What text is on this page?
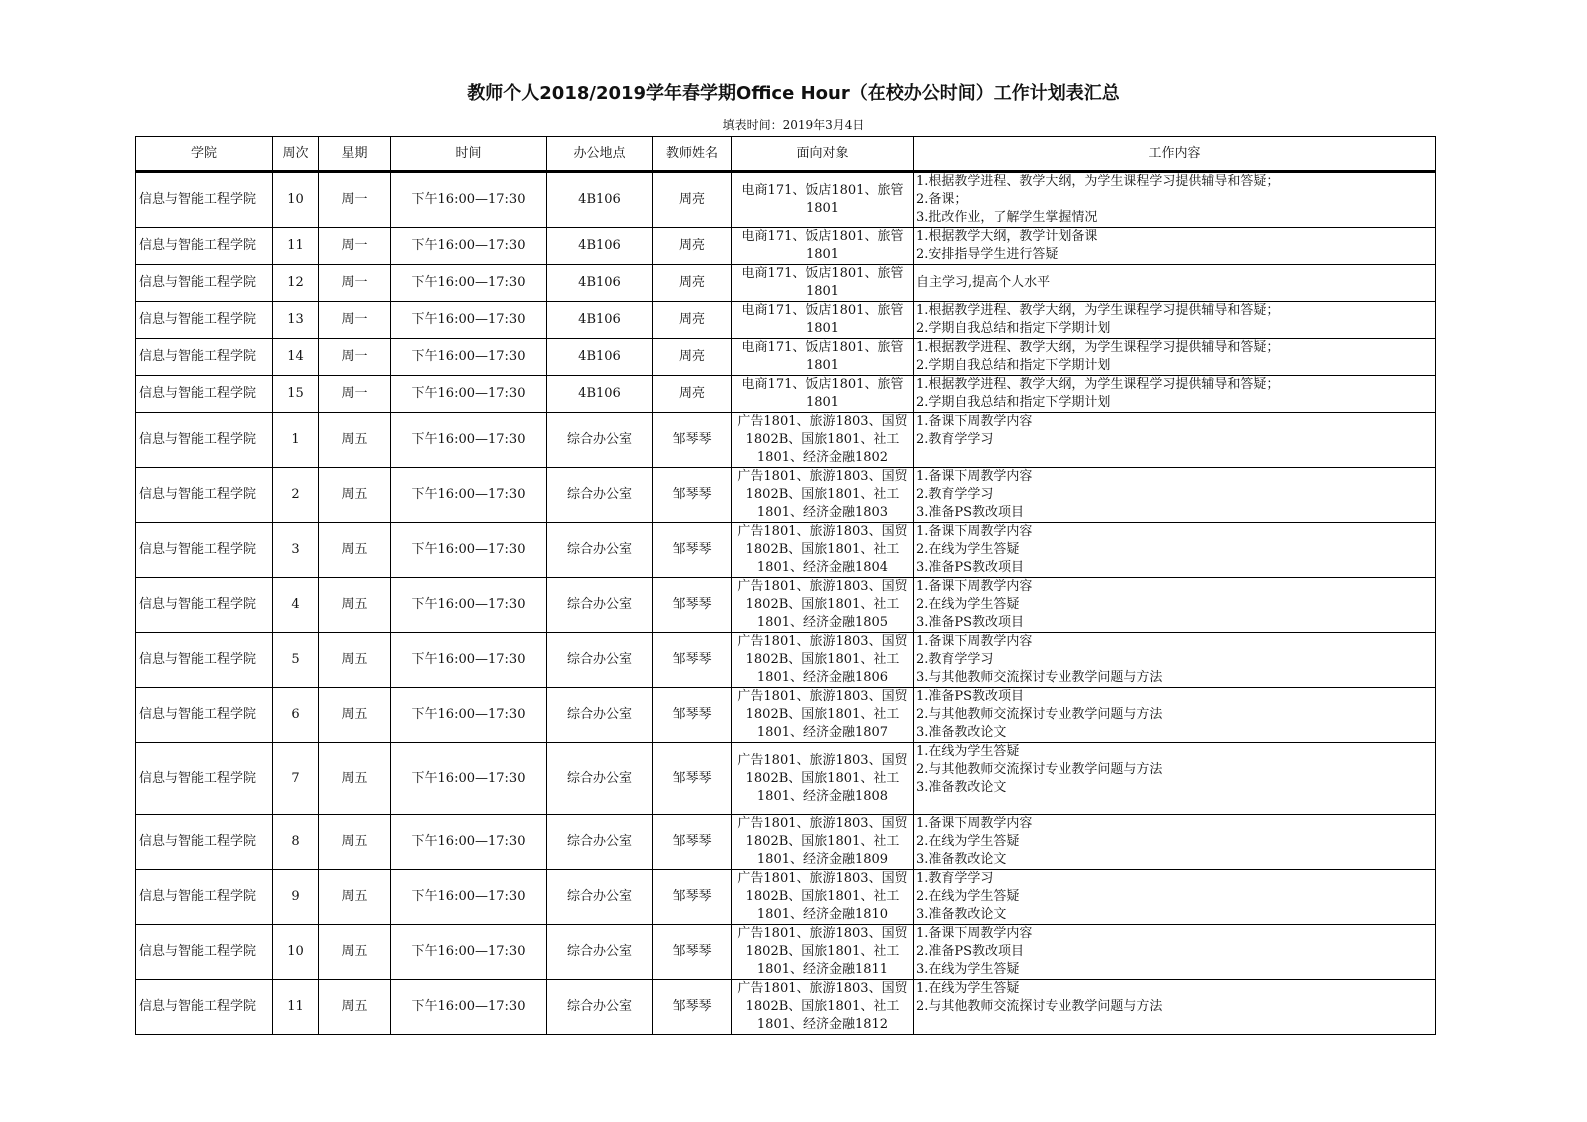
教师个人2018/2019学年春学期Office Hour（在校办公时间）工作计划表汇总
填表时间：2019年3月4日
学院	周次	星期	时间	办公地点	教师姓名	面向对象	工作内容
信息与智能工程学院	10	周一	下午16:00—17:30	4B106	周亮	电商171、饭店1801、旅管
1801	1.根据教学进程、教学大纲，为学生课程学习提供辅导和答疑；
2.备课；
3.批改作业，了解学生掌握情况

信息与智能工程学院	11	周一	下午16:00—17:30	4B106	周亮	电商171、饭店1801、旅管
1801	1.根据教学大纲，教学计划备课
2.安排指导学生进行答疑

信息与智能工程学院	12	周一	下午16:00—17:30	4B106	周亮	电商171、饭店1801、旅管
1801	自主学习,提高个人水平

信息与智能工程学院	13	周一	下午16:00—17:30	4B106	周亮	电商171、饭店1801、旅管
1801	1.根据教学进程、教学大纲，为学生课程学习提供辅导和答疑；
2.学期自我总结和指定下学期计划

信息与智能工程学院	14	周一	下午16:00—17:30	4B106	周亮	电商171、饭店1801、旅管
1801	1.根据教学进程、教学大纲，为学生课程学习提供辅导和答疑；
2.学期自我总结和指定下学期计划

信息与智能工程学院	15	周一	下午16:00—17:30	4B106	周亮	电商171、饭店1801、旅管
1801	1.根据教学进程、教学大纲，为学生课程学习提供辅导和答疑；
2.学期自我总结和指定下学期计划

信息与智能工程学院	1	周五	下午16:00—17:30	综合办公室	邹琴琴	广告1801、旅游1803、国贸
1802B、国旅1801、社工
1801、经济金融1802	1.备课下周教学内容
2.教育学学习

信息与智能工程学院	2	周五	下午16:00—17:30	综合办公室	邹琴琴	广告1801、旅游1803、国贸
1802B、国旅1801、社工
1801、经济金融1803	1.备课下周教学内容
2.教育学学习
3.准备PS教改项目

信息与智能工程学院	3	周五	下午16:00—17:30	综合办公室	邹琴琴	广告1801、旅游1803、国贸
1802B、国旅1801、社工
1801、经济金融1804	1.备课下周教学内容
2.在线为学生答疑
3.准备PS教改项目

信息与智能工程学院	4	周五	下午16:00—17:30	综合办公室	邹琴琴	广告1801、旅游1803、国贸
1802B、国旅1801、社工
1801、经济金融1805	1.备课下周教学内容
2.在线为学生答疑
3.准备PS教改项目

信息与智能工程学院	5	周五	下午16:00—17:30	综合办公室	邹琴琴	广告1801、旅游1803、国贸
1802B、国旅1801、社工
1801、经济金融1806	1.备课下周教学内容
2.教育学学习
3.与其他教师交流探讨专业教学问题与方法

信息与智能工程学院	6	周五	下午16:00—17:30	综合办公室	邹琴琴	广告1801、旅游1803、国贸
1802B、国旅1801、社工
1801、经济金融1807	1.准备PS教改项目
2.与其他教师交流探讨专业教学问题与方法
3.准备教改论文

信息与智能工程学院	7	周五	下午16:00—17:30	综合办公室	邹琴琴	广告1801、旅游1803、国贸
1802B、国旅1801、社工
1801、经济金融1808	1.在线为学生答疑
2.与其他教师交流探讨专业教学问题与方法
3.准备教改论文

信息与智能工程学院	8	周五	下午16:00—17:30	综合办公室	邹琴琴	广告1801、旅游1803、国贸
1802B、国旅1801、社工
1801、经济金融1809	1.备课下周教学内容
2.在线为学生答疑
3.准备教改论文

信息与智能工程学院	9	周五	下午16:00—17:30	综合办公室	邹琴琴	广告1801、旅游1803、国贸
1802B、国旅1801、社工
1801、经济金融1810	1.教育学学习
2.在线为学生答疑
3.准备教改论文

信息与智能工程学院	10	周五	下午16:00—17:30	综合办公室	邹琴琴	广告1801、旅游1803、国贸
1802B、国旅1801、社工
1801、经济金融1811	1.备课下周教学内容
2.准备PS教改项目
3.在线为学生答疑

信息与智能工程学院	11	周五	下午16:00—17:30	综合办公室	邹琴琴	广告1801、旅游1803、国贸
1802B、国旅1801、社工
1801、经济金融1812	1.在线为学生答疑
2.与其他教师交流探讨专业教学问题与方法
